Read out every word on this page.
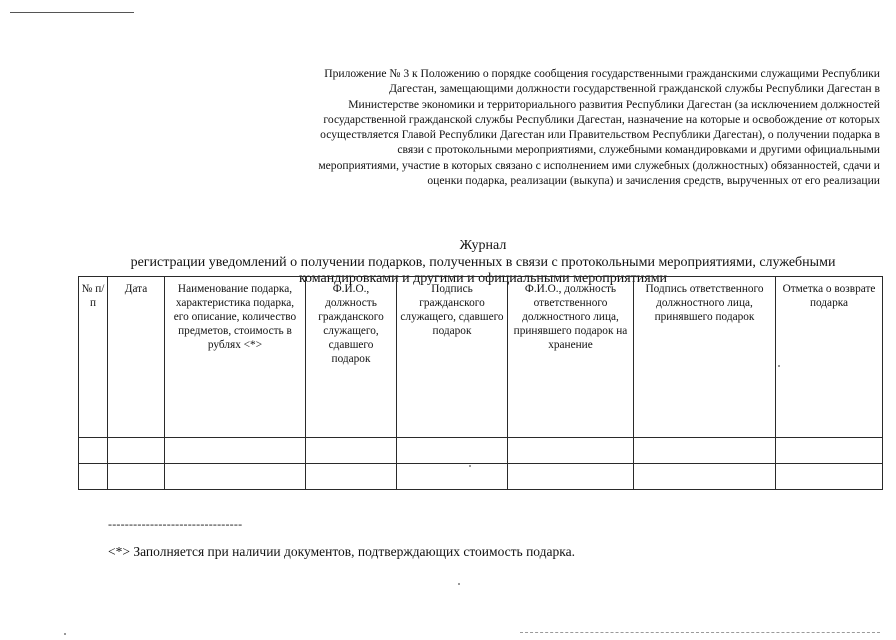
Приложение № 3 к Положению о порядке сообщения государственными гражданскими служащими Республики Дагестан, замещающими должности государственной гражданской службы Республики Дагестан в Министерстве экономики и территориального развития Республики Дагестан (за исключением должностей государственной гражданской службы Республики Дагестан, назначение на которые и освобождение от которых осуществляется Главой Республики Дагестан или Правительством Республики Дагестан), о получении подарка в связи с протокольными мероприятиями, служебными командировками и другими официальными мероприятиями, участие в которых связано с исполнением ими служебных (должностных) обязанностей, сдачи и оценки подарка, реализации (выкупа) и зачисления средств, вырученных от его реализации
Журнал
регистрации уведомлений о получении подарков, полученных в связи с протокольными мероприятиями, служебными командировками и другими и официальными мероприятиями
№ п/п	Дата	Наименование подарка, характеристика подарка, его описание, количество предметов, стоимость в рублях <*>	Ф.И.О., должность гражданского служащего, сдавшего подарок	Подпись гражданского служащего, сдавшего подарок	Ф.И.О., должность ответственного должностного лица, принявшего подарок на хранение	Подпись ответственного должностного лица, принявшего подарок	Отметка о возврате подарка

--------------------------------
<*> Заполняется при наличии документов, подтверждающих стоимость подарка.
